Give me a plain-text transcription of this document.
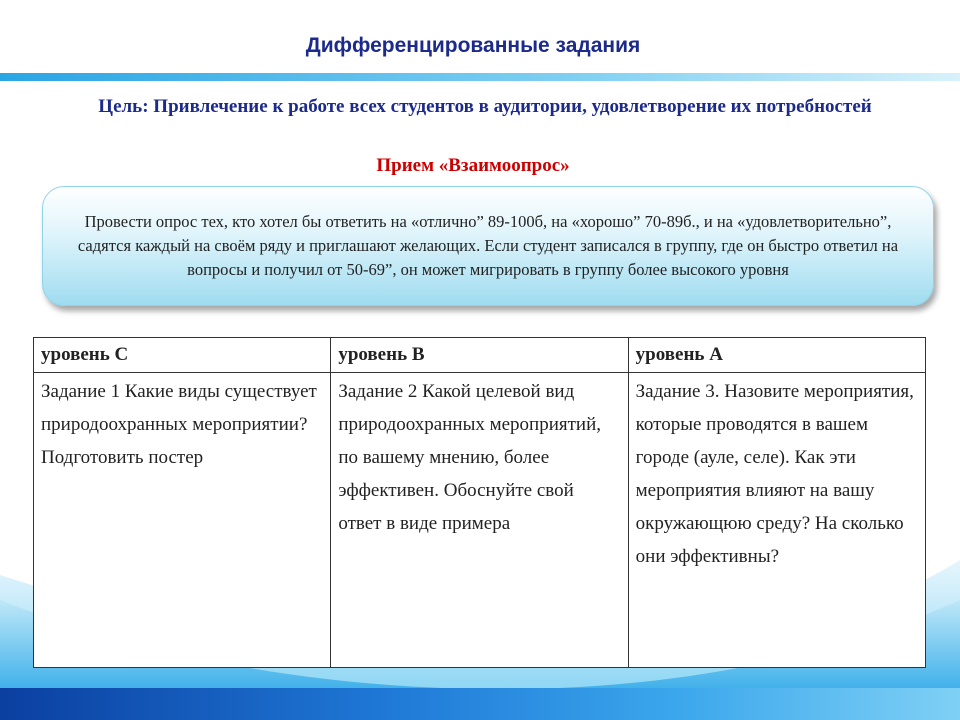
Дифференцированные задания
Цель: Привлечение к работе всех студентов в аудитории, удовлетворение их потребностей
Прием «Взаимоопрос»
Провести опрос тех, кто хотел бы ответить на «отлично” 89-100б, на «хорошо” 70-89б., и на «удовлетворительно”, садятся каждый на своём ряду и приглашают желающих. Если студент записался в группу, где он быстро ответил на вопросы и получил от 50-69”, он может мигрировать в группу более высокого уровня
уровень С	уровень В	уровень А
Задание 1 Какие виды существует природоохранных мероприятии? Подготовить постер	Задание 2 Какой целевой вид природоохранных мероприятий, по вашему мнению, более эффективен. Обоснуйте свой ответ в виде примера	Задание 3. Назовите мероприятия, которые проводятся в вашем городе (ауле, селе). Как эти мероприятия влияют на вашу окружающюю среду? На сколько они эффективны?
